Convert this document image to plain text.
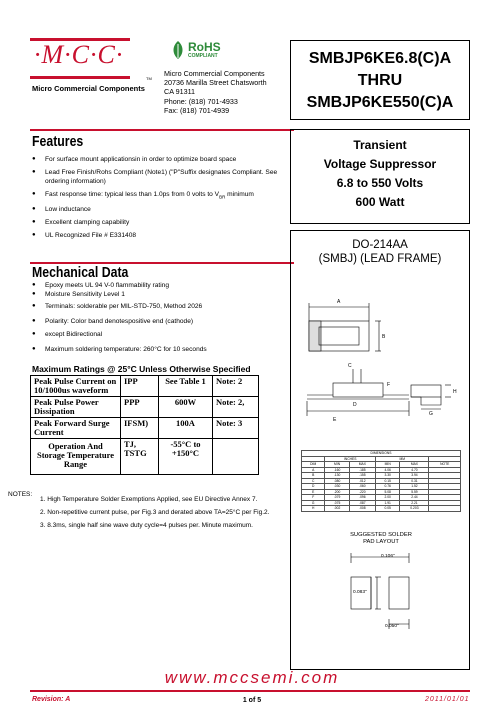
·M·C·C·
TM
Micro Commercial Components
RoHS
COMPLIANT
Micro Commercial Components
20736 Marilla Street Chatsworth
CA 91311
Phone: (818) 701-4933
Fax: (818) 701-4939
SMBJP6KE6.8(C)A
THRU
SMBJP6KE550(C)A
Features
● For surface mount applicationsin in order to optimize board space
● Lead Free Finish/Rohs Compliant (Note1) ("P"Suffix designates Compliant. See ordering information)
● Fast response time: typical less than 1.0ps from 0 volts to $V_{BR}$ minimum
● Low inductance
● Excellent clamping capability
● UL Recognized File # E331408
Mechanical Data
● Epoxy meets UL 94 V-0 flammability rating
● Moisture Sensitivity Level 1
● Terminals: solderable per MIL-STD-750, Method 2026
● Polarity: Color band denotespositive end (cathode)
● except Bidirectional
● Maximum soldering temperature: 260°C for 10 seconds
Maximum Ratings @ 25°C Unless Otherwise Specified
Peak Pulse Current on 10/1000us waveform	IPP	See Table 1	Note: 2
Peak Pulse Power Dissipation	PPP	600W	Note: 2,
Peak Forward Surge Current	IFSM)	100A	Note: 3
Operation And Storage Temperature Range	TJ, TSTG	-55°C to +150°C	
NOTES:
1. High Temperature Solder Exemptions Applied, see EU Directive Annex 7.
2. Non-repetitive current pulse, per Fig.3 and derated above TA=25°C per Fig.2.
3. 8.3ms, single half sine wave duty cycle=4 pulses per. Minute maximum.
Transient
Voltage Suppressor
6.8 to 550 Volts
600 Watt
DO-214AA
(SMBJ) (LEAD FRAME)
A
B
C
D
E
F
G
H
DIMENSIONS					
	INCHES		MM		
DIM	MIN	MAX	MIN	MAX	NOTE
A	.160	.185	4.06	4.70	
B	.130	.155	3.30	3.94	
C	.080	.012	0.15	0.31	
D	.030	.060	0.76	1.52	
E	.200	.220	5.08	5.59	
F	.079	.096	2.00	2.44	
G	.075	.087	1.91	2.21	
H	.002	.008	0.05	0.203	
SUGGESTED SOLDER
PAD LAYOUT
0.106"
0.083"
0.050"
www.mccsemi.com
Revision: A	1 of 5	2011/01/01
